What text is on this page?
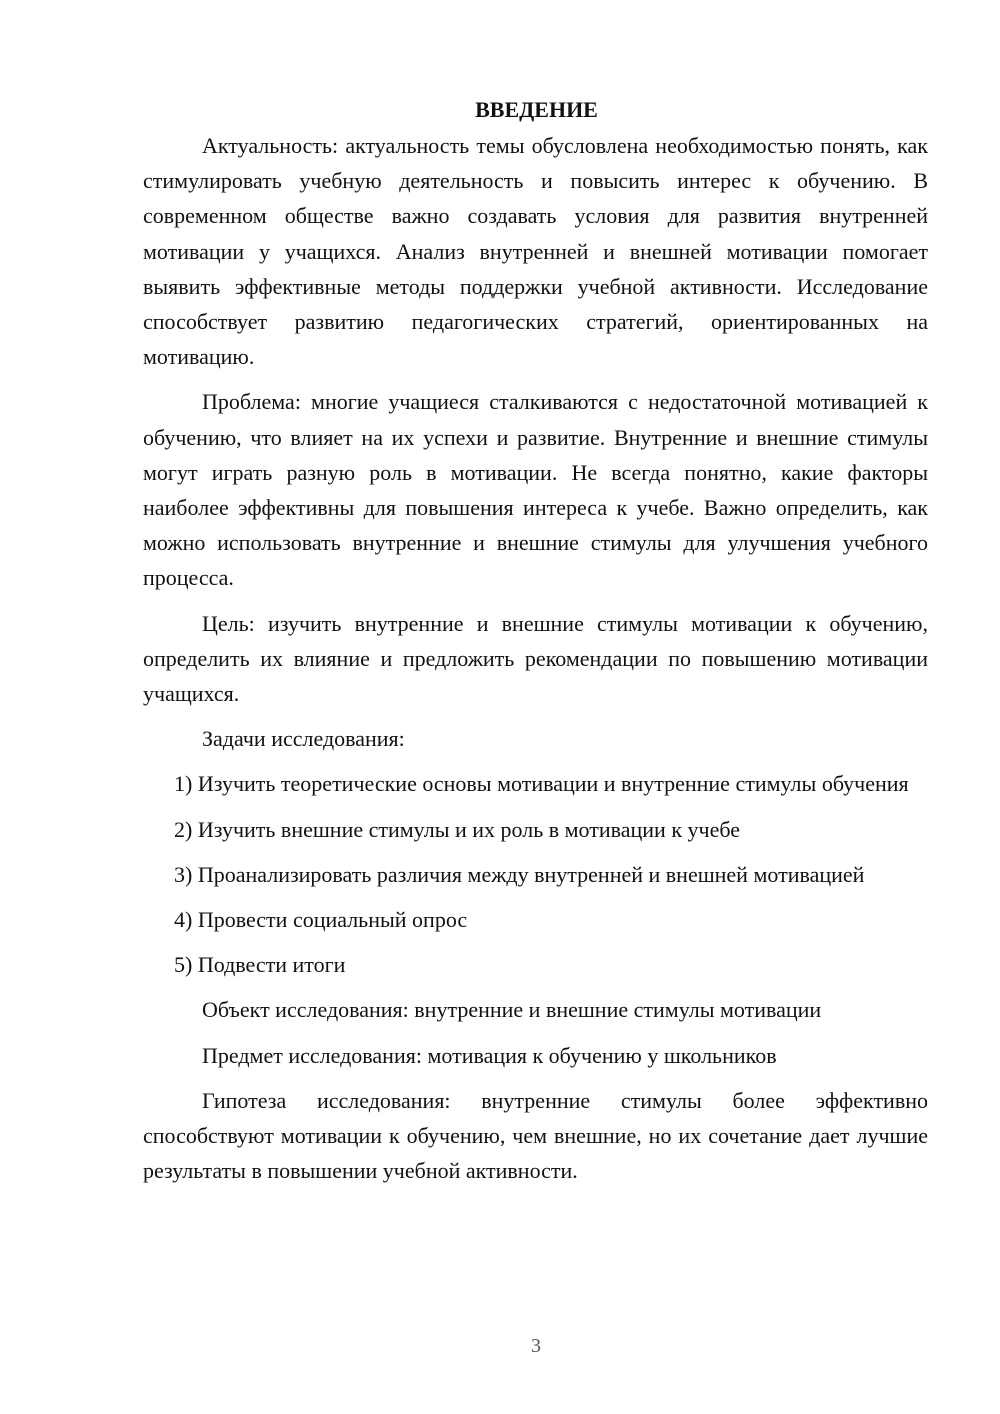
ВВЕДЕНИЕ

Актуальность: актуальность темы обусловлена необходимостью понять, как стимулировать учебную деятельность и повысить интерес к обучению. В современном обществе важно создавать условия для развития внутренней мотивации у учащихся. Анализ внутренней и внешней мотивации помогает выявить эффективные методы поддержки учебной активности. Исследование способствует развитию педагогических стратегий, ориентированных на мотивацию.

Проблема: многие учащиеся сталкиваются с недостаточной мотивацией к обучению, что влияет на их успехи и развитие. Внутренние и внешние стимулы могут играть разную роль в мотивации. Не всегда понятно, какие факторы наиболее эффективны для повышения интереса к учебе. Важно определить, как можно использовать внутренние и внешние стимулы для улучшения учебного процесса.

Цель: изучить внутренние и внешние стимулы мотивации к обучению, определить их влияние и предложить рекомендации по повышению мотивации учащихся.

Задачи исследования:

1) Изучить теоретические основы мотивации и внутренние стимулы обучения

2) Изучить внешние стимулы и их роль в мотивации к учебе

3) Проанализировать различия между внутренней и внешней мотивацией

4) Провести социальный опрос

5) Подвести итоги

Объект исследования: внутренние и внешние стимулы мотивации

Предмет исследования: мотивация к обучению у школьников

Гипотеза исследования: внутренние стимулы более эффективно способствуют мотивации к обучению, чем внешние, но их сочетание дает лучшие результаты в повышении учебной активности.

3
